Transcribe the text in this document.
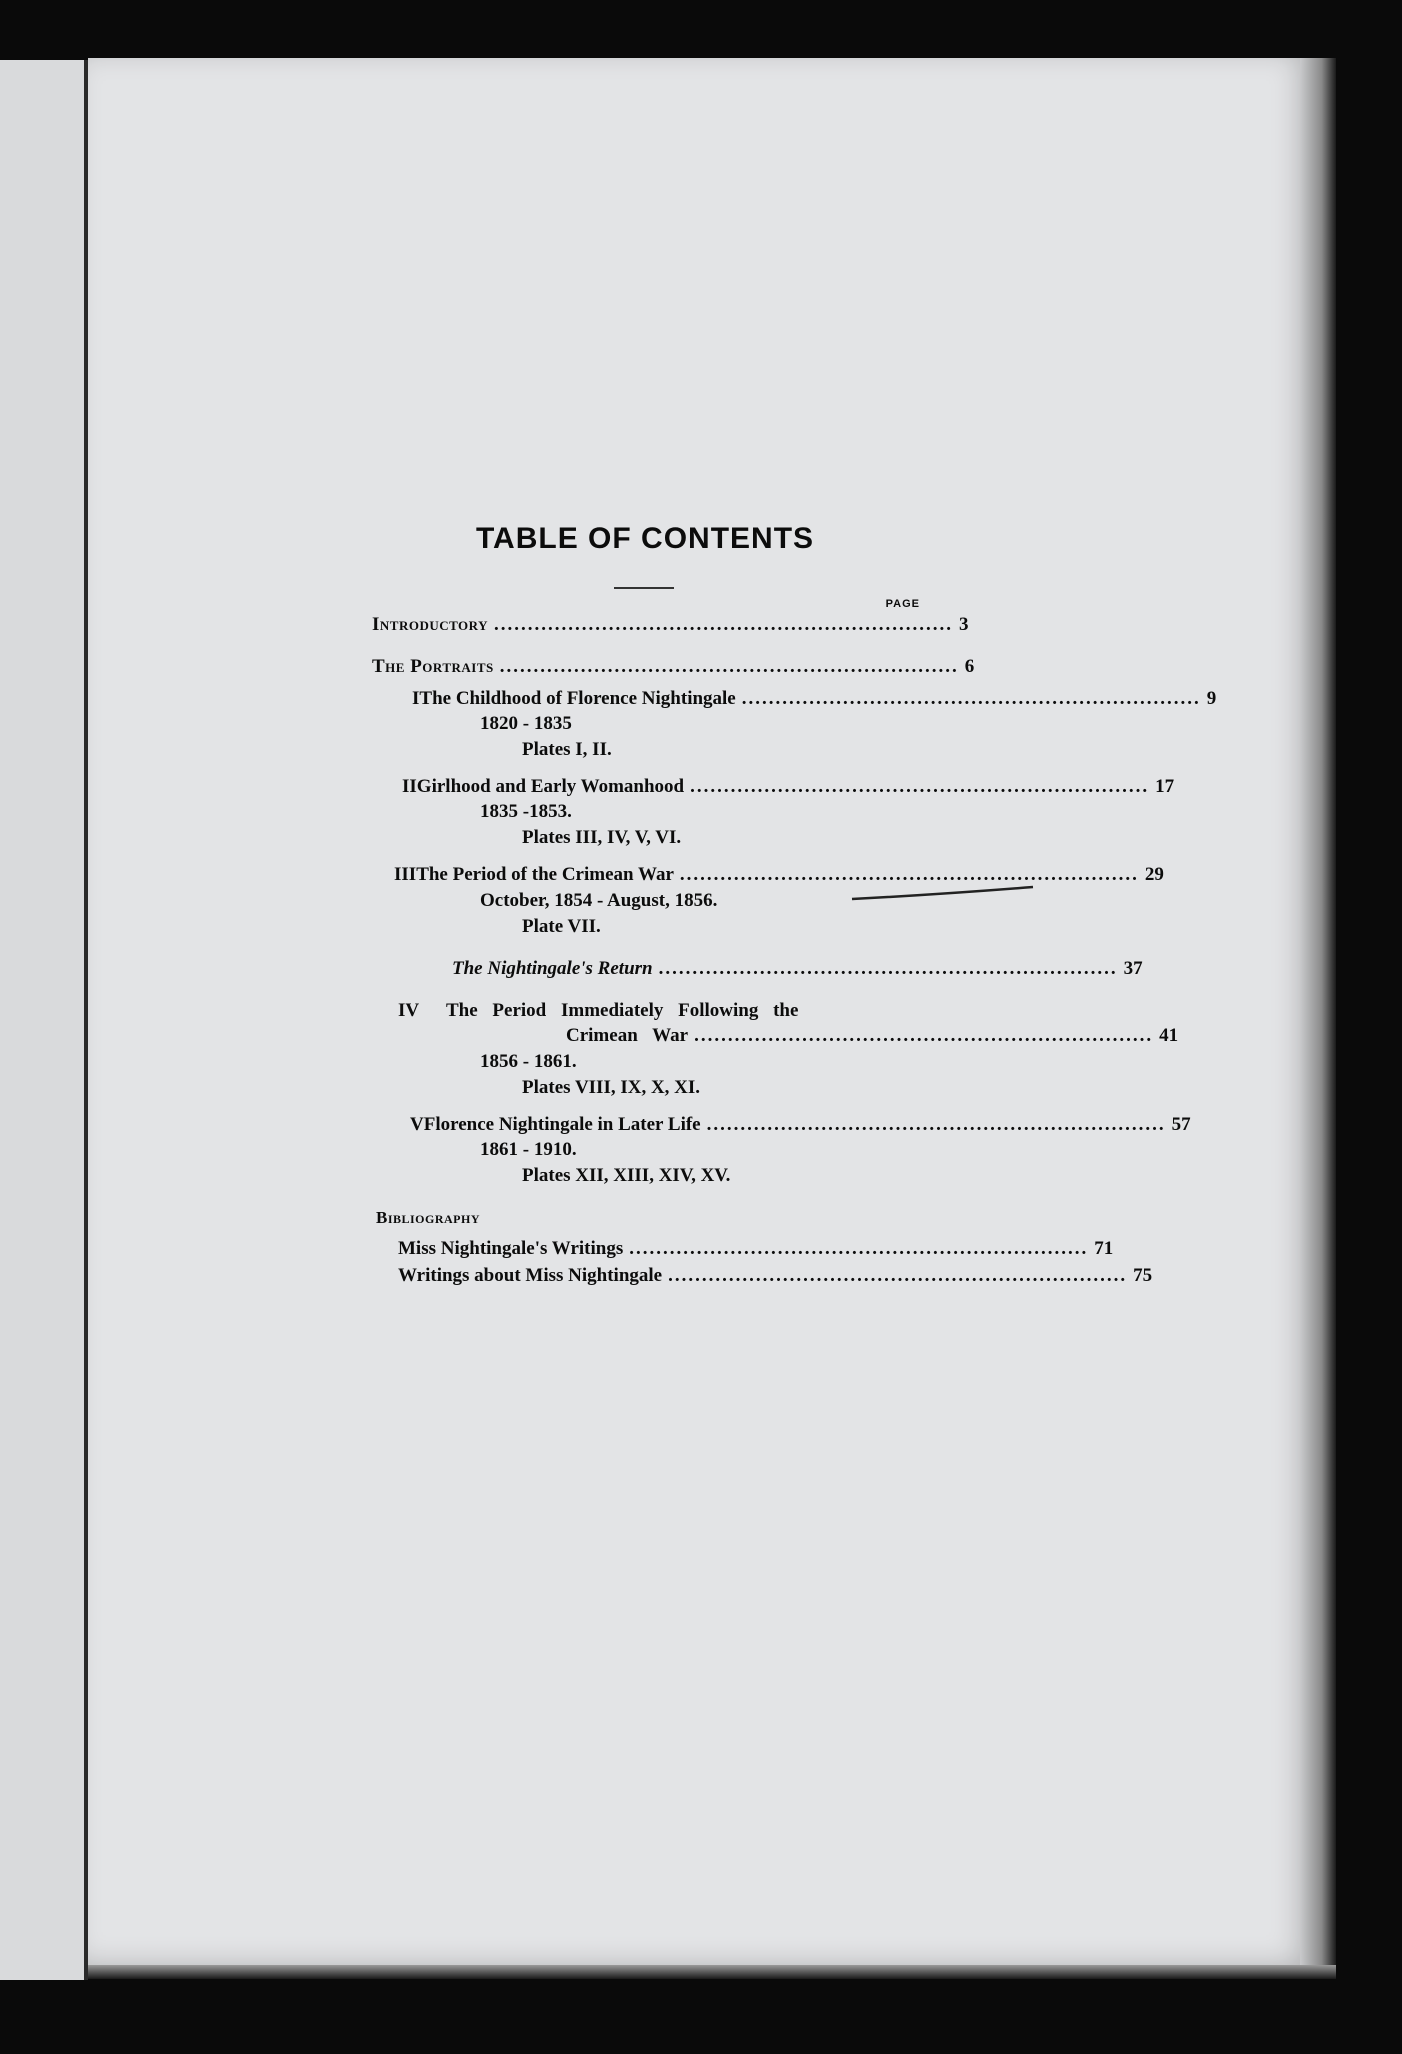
TABLE OF CONTENTS
PAGE
Introductory .................................................................... 3
The Portraits .................................................................... 6
I The Childhood of Florence Nightingale .................................................................... 9
1820 - 1835
Plates I, II.
II Girlhood and Early Womanhood .................................................................... 17
1835 -1853.
Plates III, IV, V, VI.
III The Period of the Crimean War .................................................................... 29
October, 1854 - August, 1856.
Plate VII.
The Nightingale's Return .................................................................... 37
IV	The Period Immediately Following the
Crimean War .................................................................... 41
1856 - 1861.
Plates VIII, IX, X, XI.
V Florence Nightingale in Later Life .................................................................... 57
1861 - 1910.
Plates XII, XIII, XIV, XV.
Bibliography
Miss Nightingale's Writings .................................................................... 71
Writings about Miss Nightingale .................................................................... 75
